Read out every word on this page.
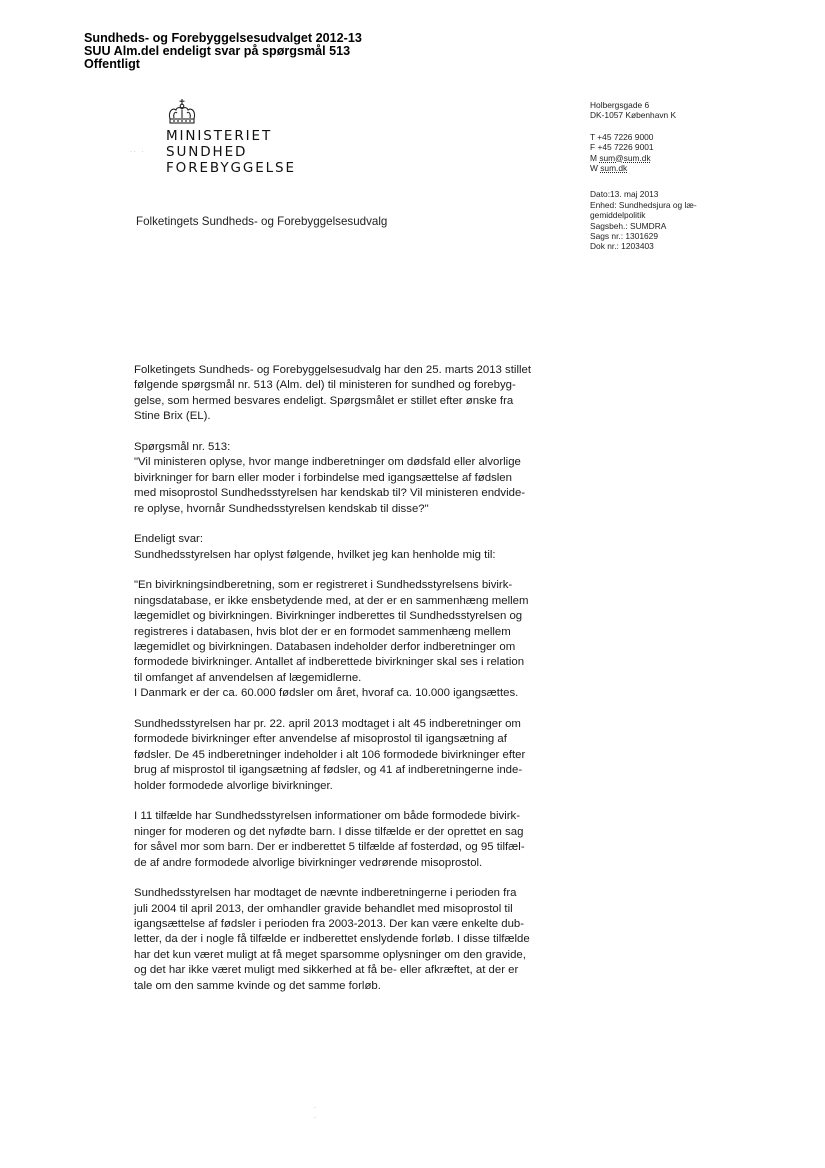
Sundheds- og Forebyggelsesudvalget 2012-13
SUU Alm.del endeligt svar på spørgsmål 513
Offentligt
MINISTERIET
SUNDHED
FOREBYGGELSE
·· ·
Holbergsgade 6
DK-1057 København K
T +45 7226 9000
F +45 7226 9001
M sum@sum.dk
W sum.dk
Dato:13. maj 2013
Enhed: Sundhedsjura og læ-
gemiddelpolitik
Sagsbeh.: SUMDRA
Sags nr.: 1301629
Dok nr.: 1203403
Folketingets Sundheds- og Forebyggelsesudvalg
Folketingets Sundheds- og Forebyggelsesudvalg har den 25. marts 2013 stillet
følgende spørgsmål nr. 513 (Alm. del) til ministeren for sundhed og forebyg-
gelse, som hermed besvares endeligt. Spørgsmålet er stillet efter ønske fra
Stine Brix (EL).
Spørgsmål nr. 513:
"Vil ministeren oplyse, hvor mange indberetninger om dødsfald eller alvorlige
bivirkninger for barn eller moder i forbindelse med igangsættelse af fødslen
med misoprostol Sundhedsstyrelsen har kendskab til? Vil ministeren endvide-
re oplyse, hvornår Sundhedsstyrelsen kendskab til disse?"
Endeligt svar:
Sundhedsstyrelsen har oplyst følgende, hvilket jeg kan henholde mig til:
"En bivirkningsindberetning, som er registreret i Sundhedsstyrelsens bivirk-
ningsdatabase, er ikke ensbetydende med, at der er en sammenhæng mellem
lægemidlet og bivirkningen. Bivirkninger indberettes til Sundhedsstyrelsen og
registreres i databasen, hvis blot der er en formodet sammenhæng mellem
lægemidlet og bivirkningen. Databasen indeholder derfor indberetninger om
formodede bivirkninger. Antallet af indberettede bivirkninger skal ses i relation
til omfanget af anvendelsen af lægemidlerne.
I Danmark er der ca. 60.000 fødsler om året, hvoraf ca. 10.000 igangsættes.
Sundhedsstyrelsen har pr. 22. april 2013 modtaget i alt 45 indberetninger om
formodede bivirkninger efter anvendelse af misoprostol til igangsætning af
fødsler. De 45 indberetninger indeholder i alt 106 formodede bivirkninger efter
brug af misprostol til igangsætning af fødsler, og 41 af indberetningerne inde-
holder formodede alvorlige bivirkninger.
I 11 tilfælde har Sundhedsstyrelsen informationer om både formodede bivirk-
ninger for moderen og det nyfødte barn. I disse tilfælde er der oprettet en sag
for såvel mor som barn. Der er indberettet 5 tilfælde af fosterdød, og 95 tilfæl-
de af andre formodede alvorlige bivirkninger vedrørende misoprostol.
Sundhedsstyrelsen har modtaget de nævnte indberetningerne i perioden fra
juli 2004 til april 2013, der omhandler gravide behandlet med misoprostol til
igangsættelse af fødsler i perioden fra 2003-2013. Der kan være enkelte dub-
letter, da der i nogle få tilfælde er indberettet enslydende forløb. I disse tilfælde
har det kun været muligt at få meget sparsomme oplysninger om den gravide,
og det har ikke været muligt med sikkerhed at få be- eller afkræftet, at der er
tale om den samme kvinde og det samme forløb.
·
·
